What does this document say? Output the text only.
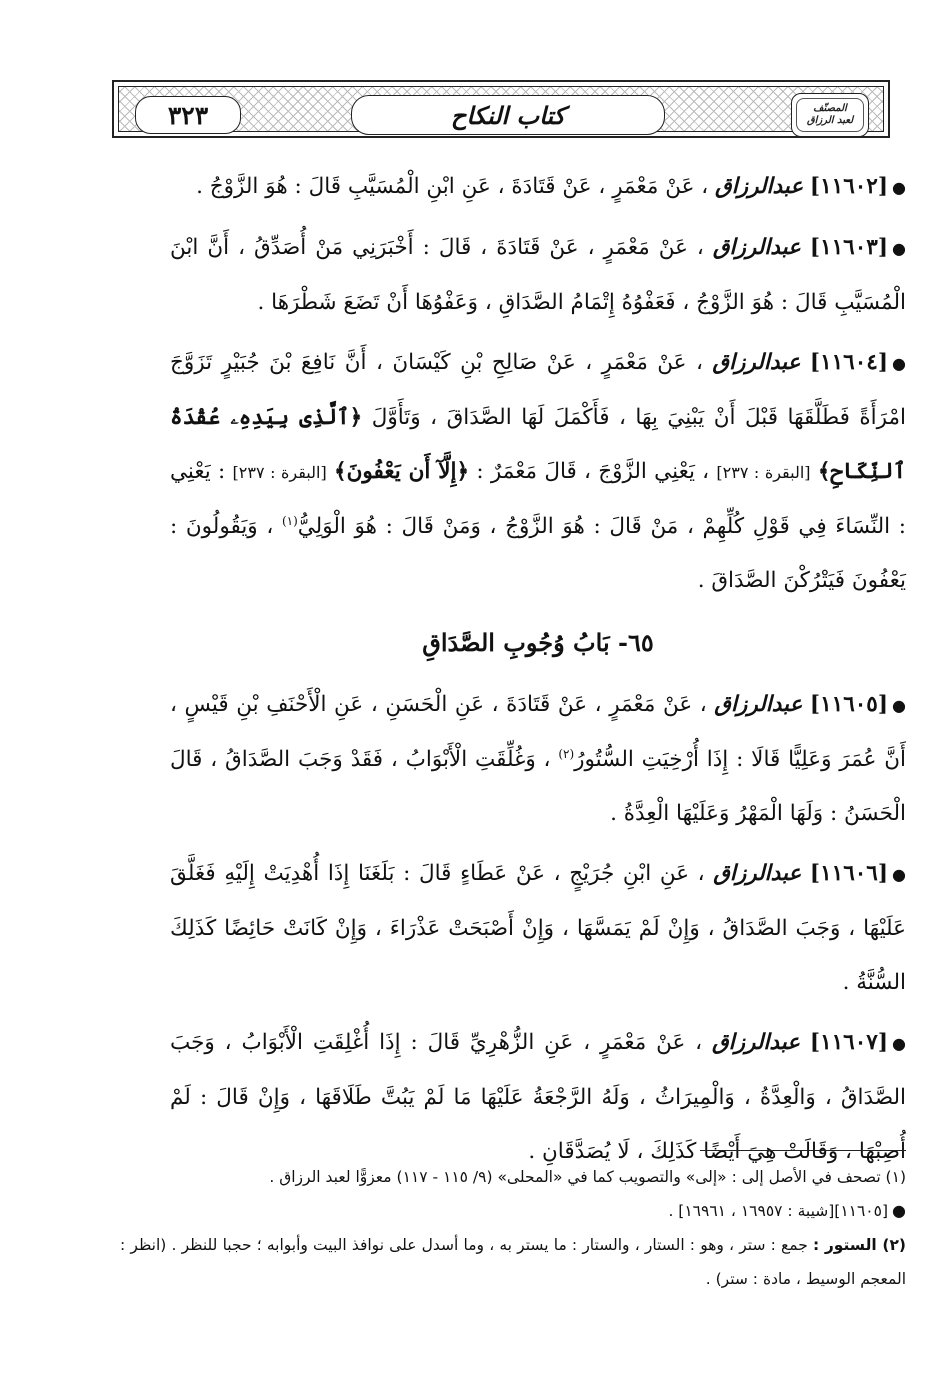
٣٢٣	كتاب النكاح	المصنّف
لعبد الرزاق

●[١١٦٠٢] عبدالرزاق ، عَنْ مَعْمَرٍ ، عَنْ قَتَادَةَ ، عَنِ ابْنِ الْمُسَيَّبِ قَالَ : هُوَ الزَّوْجُ .

●[١١٦٠٣] عبدالرزاق ، عَنْ مَعْمَرٍ ، عَنْ قَتَادَةَ ، قَالَ : أَخْبَرَنِي مَنْ أُصَدِّقُ ، أَنَّ ابْنَ الْمُسَيَّبِ قَالَ : هُوَ الزَّوْجُ ، فَعَفْوُهُ إِتْمَامُ الصَّدَاقِ ، وَعَفْوُهَا أَنْ تَضَعَ شَطْرَهَا .

●[١١٦٠٤] عبدالرزاق ، عَنْ مَعْمَرٍ ، عَنْ صَالِحِ بْنِ كَيْسَانَ ، أَنَّ نَافِعَ بْنَ جُبَيْرٍ تَزَوَّجَ امْرَأَةً فَطَلَّقَهَا قَبْلَ أَنْ يَبْنِيَ بِهَا ، فَأَكْمَلَ لَهَا الصَّدَاقَ ، وَتَأَوَّلَ ﴿ٱلَّذِى بِيَدِهِۦ عُقْدَةُ ٱلنِّكَاحِ﴾ [البقرة : ٢٣٧] ، يَعْنِي الزَّوْجَ ، قَالَ مَعْمَرٌ : ﴿إِلَّآ أَن يَعْفُونَ﴾ [البقرة : ٢٣٧] : يَعْنِي : النِّسَاءَ فِي قَوْلِ كُلِّهِمْ ، مَنْ قَالَ : هُوَ الزَّوْجُ ، وَمَنْ قَالَ : هُوَ الْوَلِيُّ$^{(١)}$ ، وَيَقُولُونَ : يَعْفُونَ فَيَتْرُكْنَ الصَّدَاقَ .

٦٥- بَابُ وُجُوبِ الصَّدَاقِ

●[١١٦٠٥] عبدالرزاق ، عَنْ مَعْمَرٍ ، عَنْ قَتَادَةَ ، عَنِ الْحَسَنِ ، عَنِ الْأَحْنَفِ بْنِ قَيْسٍ ، أَنَّ عُمَرَ وَعَلِيًّا قَالَا : إِذَا أُرْخِيَتِ السُّتُورُ$^{(٢)}$ ، وَغُلِّقَتِ الْأَبْوَابُ ، فَقَدْ وَجَبَ الصَّدَاقُ ، قَالَ الْحَسَنُ : وَلَهَا الْمَهْرُ وَعَلَيْهَا الْعِدَّةُ .

●[١١٦٠٦] عبدالرزاق ، عَنِ ابْنِ جُرَيْجٍ ، عَنْ عَطَاءٍ قَالَ : بَلَغَنَا إِذَا أُهْدِيَتْ إِلَيْهِ فَغَلَّقَ عَلَيْهَا ، وَجَبَ الصَّدَاقُ ، وَإِنْ لَمْ يَمَسَّهَا ، وَإِنْ أَصْبَحَتْ عَذْرَاءَ ، وَإِنْ كَانَتْ حَائِضًا كَذَلِكَ السُّنَّةُ .

●[١١٦٠٧] عبدالرزاق ، عَنْ مَعْمَرٍ ، عَنِ الزُّهْرِيِّ قَالَ : إِذَا أُغْلِقَتِ الْأَبْوَابُ ، وَجَبَ الصَّدَاقُ ، وَالْعِدَّةُ ، وَالْمِيرَاثُ ، وَلَهُ الرَّجْعَةُ عَلَيْهَا مَا لَمْ يَبُتَّ طَلَاقَهَا ، وَإِنْ قَالَ : لَمْ أُصِبْهَا ، وَقَالَتْ هِيَ أَيْضًا كَذَلِكَ ، لَا يُصَدَّقَانِ .

(١) تصحف في الأصل إلى : «إلى» والتصويب كما في «المحلى» (٩/ ١١٥ - ١١٧) معزوًّا لعبد الرزاق .

●[١١٦٠٥][شيبة : ١٦٩٥٧ ، ١٦٩٦١] .

(٢) الستور : جمع : ستر ، وهو : الستار ، والستار : ما يستر به ، وما أسدل على نوافذ البيت وأبوابه ؛ حجبا للنظر . (انظر : المعجم الوسيط ، مادة : ستر) .
